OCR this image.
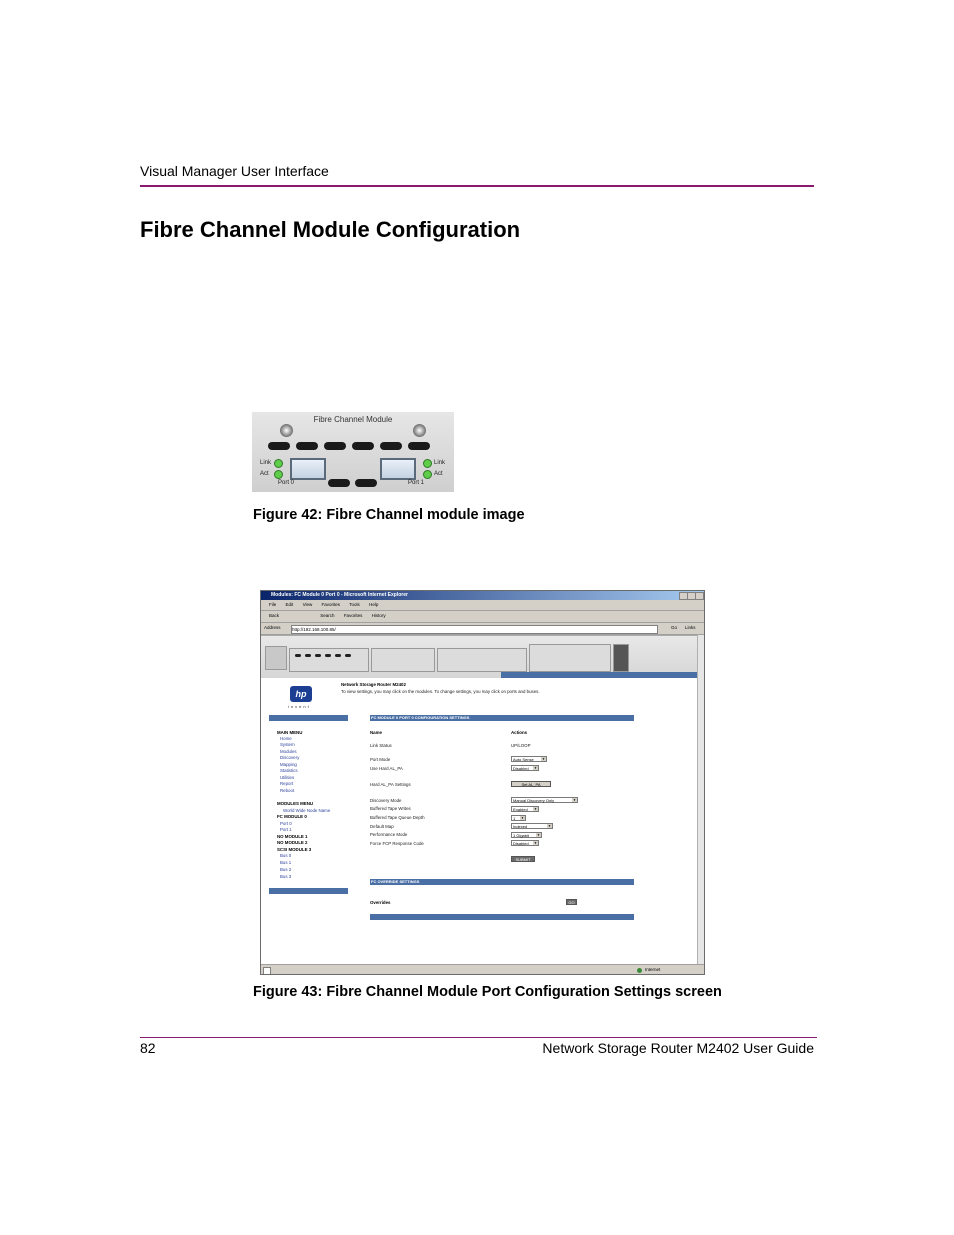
Visual Manager User Interface
Fibre Channel Module Configuration
Fibre Channel Module
Link
Act
Link
Act
Port 0	Port 1
Figure 42: Fibre Channel module image
Modules: FC Module 0 Port 0 - Microsoft Internet Explorer
File Edit View Favorites Tools Help
Back	Search Favorites History
Address	http://192.168.100.85/	Go Links
hp
invent
Network Storage Router M2402
To view settings, you may click on the modules. To change settings, you may click on ports and buses.
MAIN MENU
Home
System
Modules
Discovery
Mapping
Statistics
Utilities
Report
Reboot
MODULES MENU
World Wide Node Name
FC MODULE 0
Port 0
Port 1
NO MODULE 1
NO MODULE 2
SCSI MODULE 3
Bus 0
Bus 1
Bus 2
Bus 3
FC MODULE 0 PORT 0 CONFIGURATION SETTINGS
Name	Actions
Link Status	UP/LOOP
Port Mode	Auto Sense ▼
Use Hard AL_PA	Disabled ▼
Hard AL_PA Settings	Set AL_PA
Discovery Mode	Manual Discovery Only ▼
Buffered Tape Writes	Enabled ▼
Buffered Tape Queue Depth	1 ▼
Default Map	Indexed ▼
Performance Mode	1 Gigabit ▼
Force FCP Response Code	Disabled ▼
SUBMIT
FC OVERRIDE SETTINGS
Overrides	GO
Internet
Figure 43: Fibre Channel Module Port Configuration Settings screen
82	Network Storage Router M2402 User Guide
